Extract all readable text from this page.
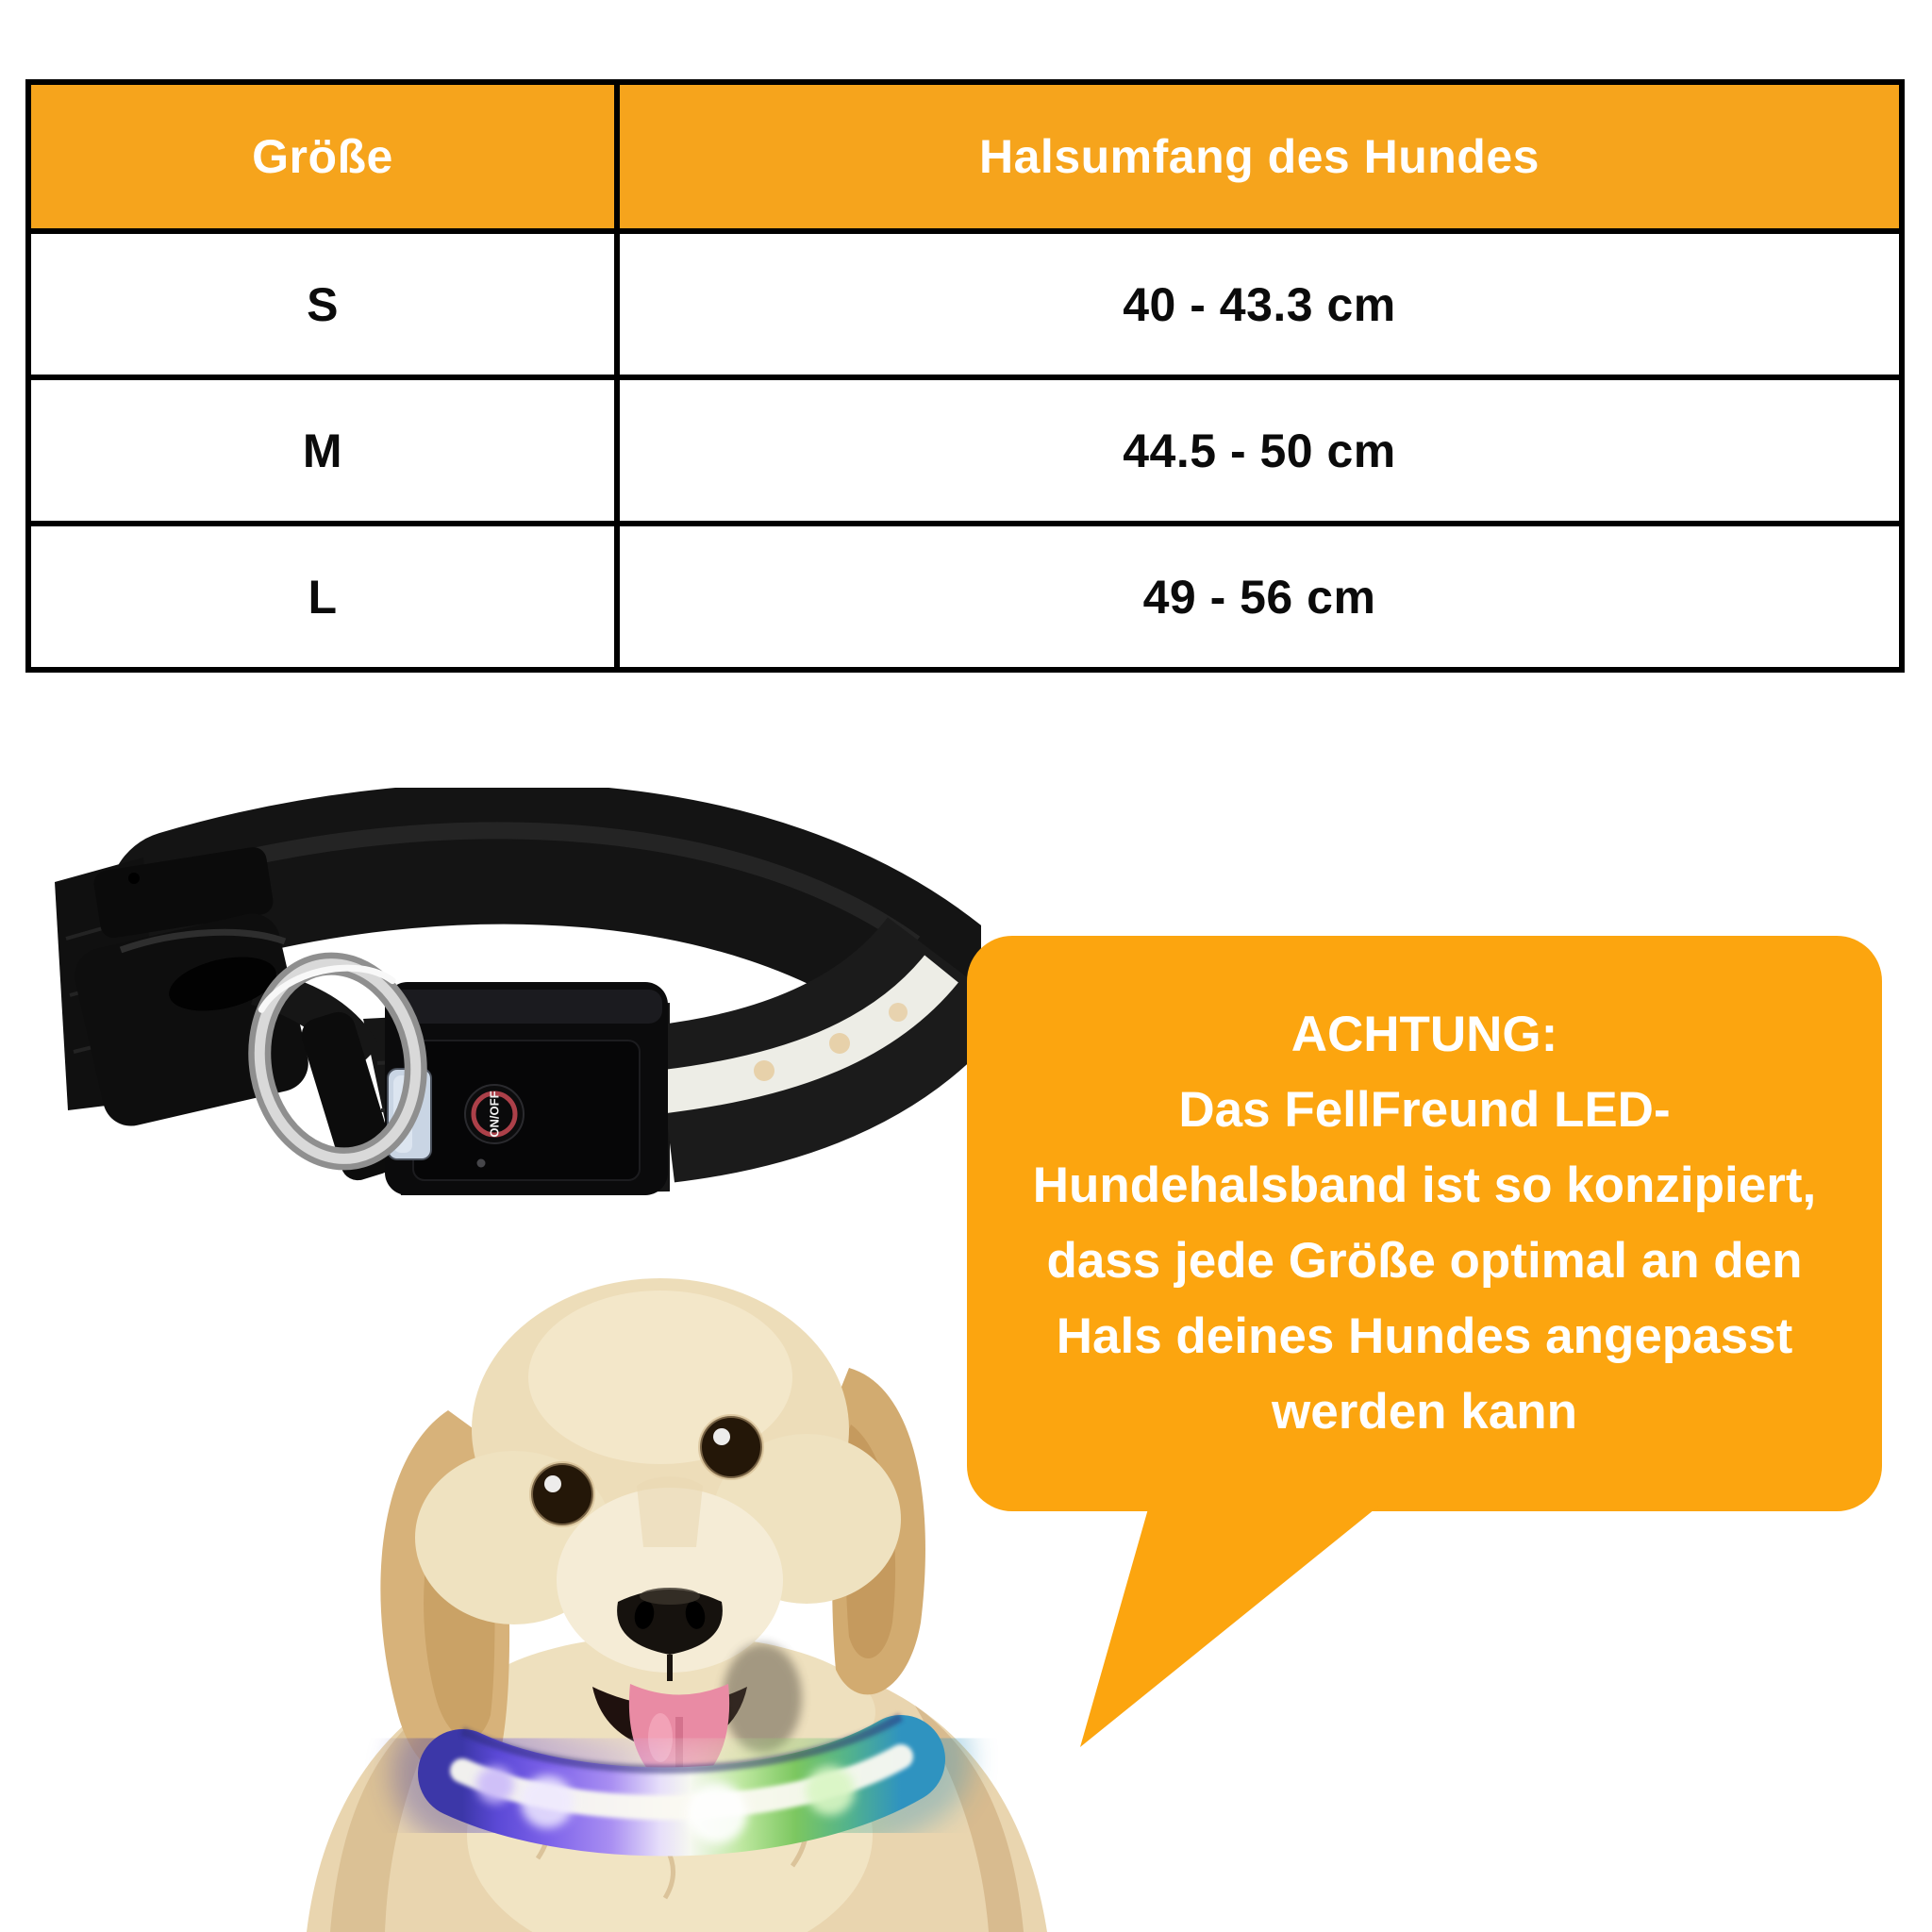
Größe	Halsumfang des Hundes
S	40 - 43.3 cm
M	44.5 - 50 cm
L	49 - 56 cm
ON/OFF
ACHTUNG:
Das FellFreund LED-
Hundehalsband ist so konzipiert,
dass jede Größe optimal an den
Hals deines Hundes angepasst
werden kann
